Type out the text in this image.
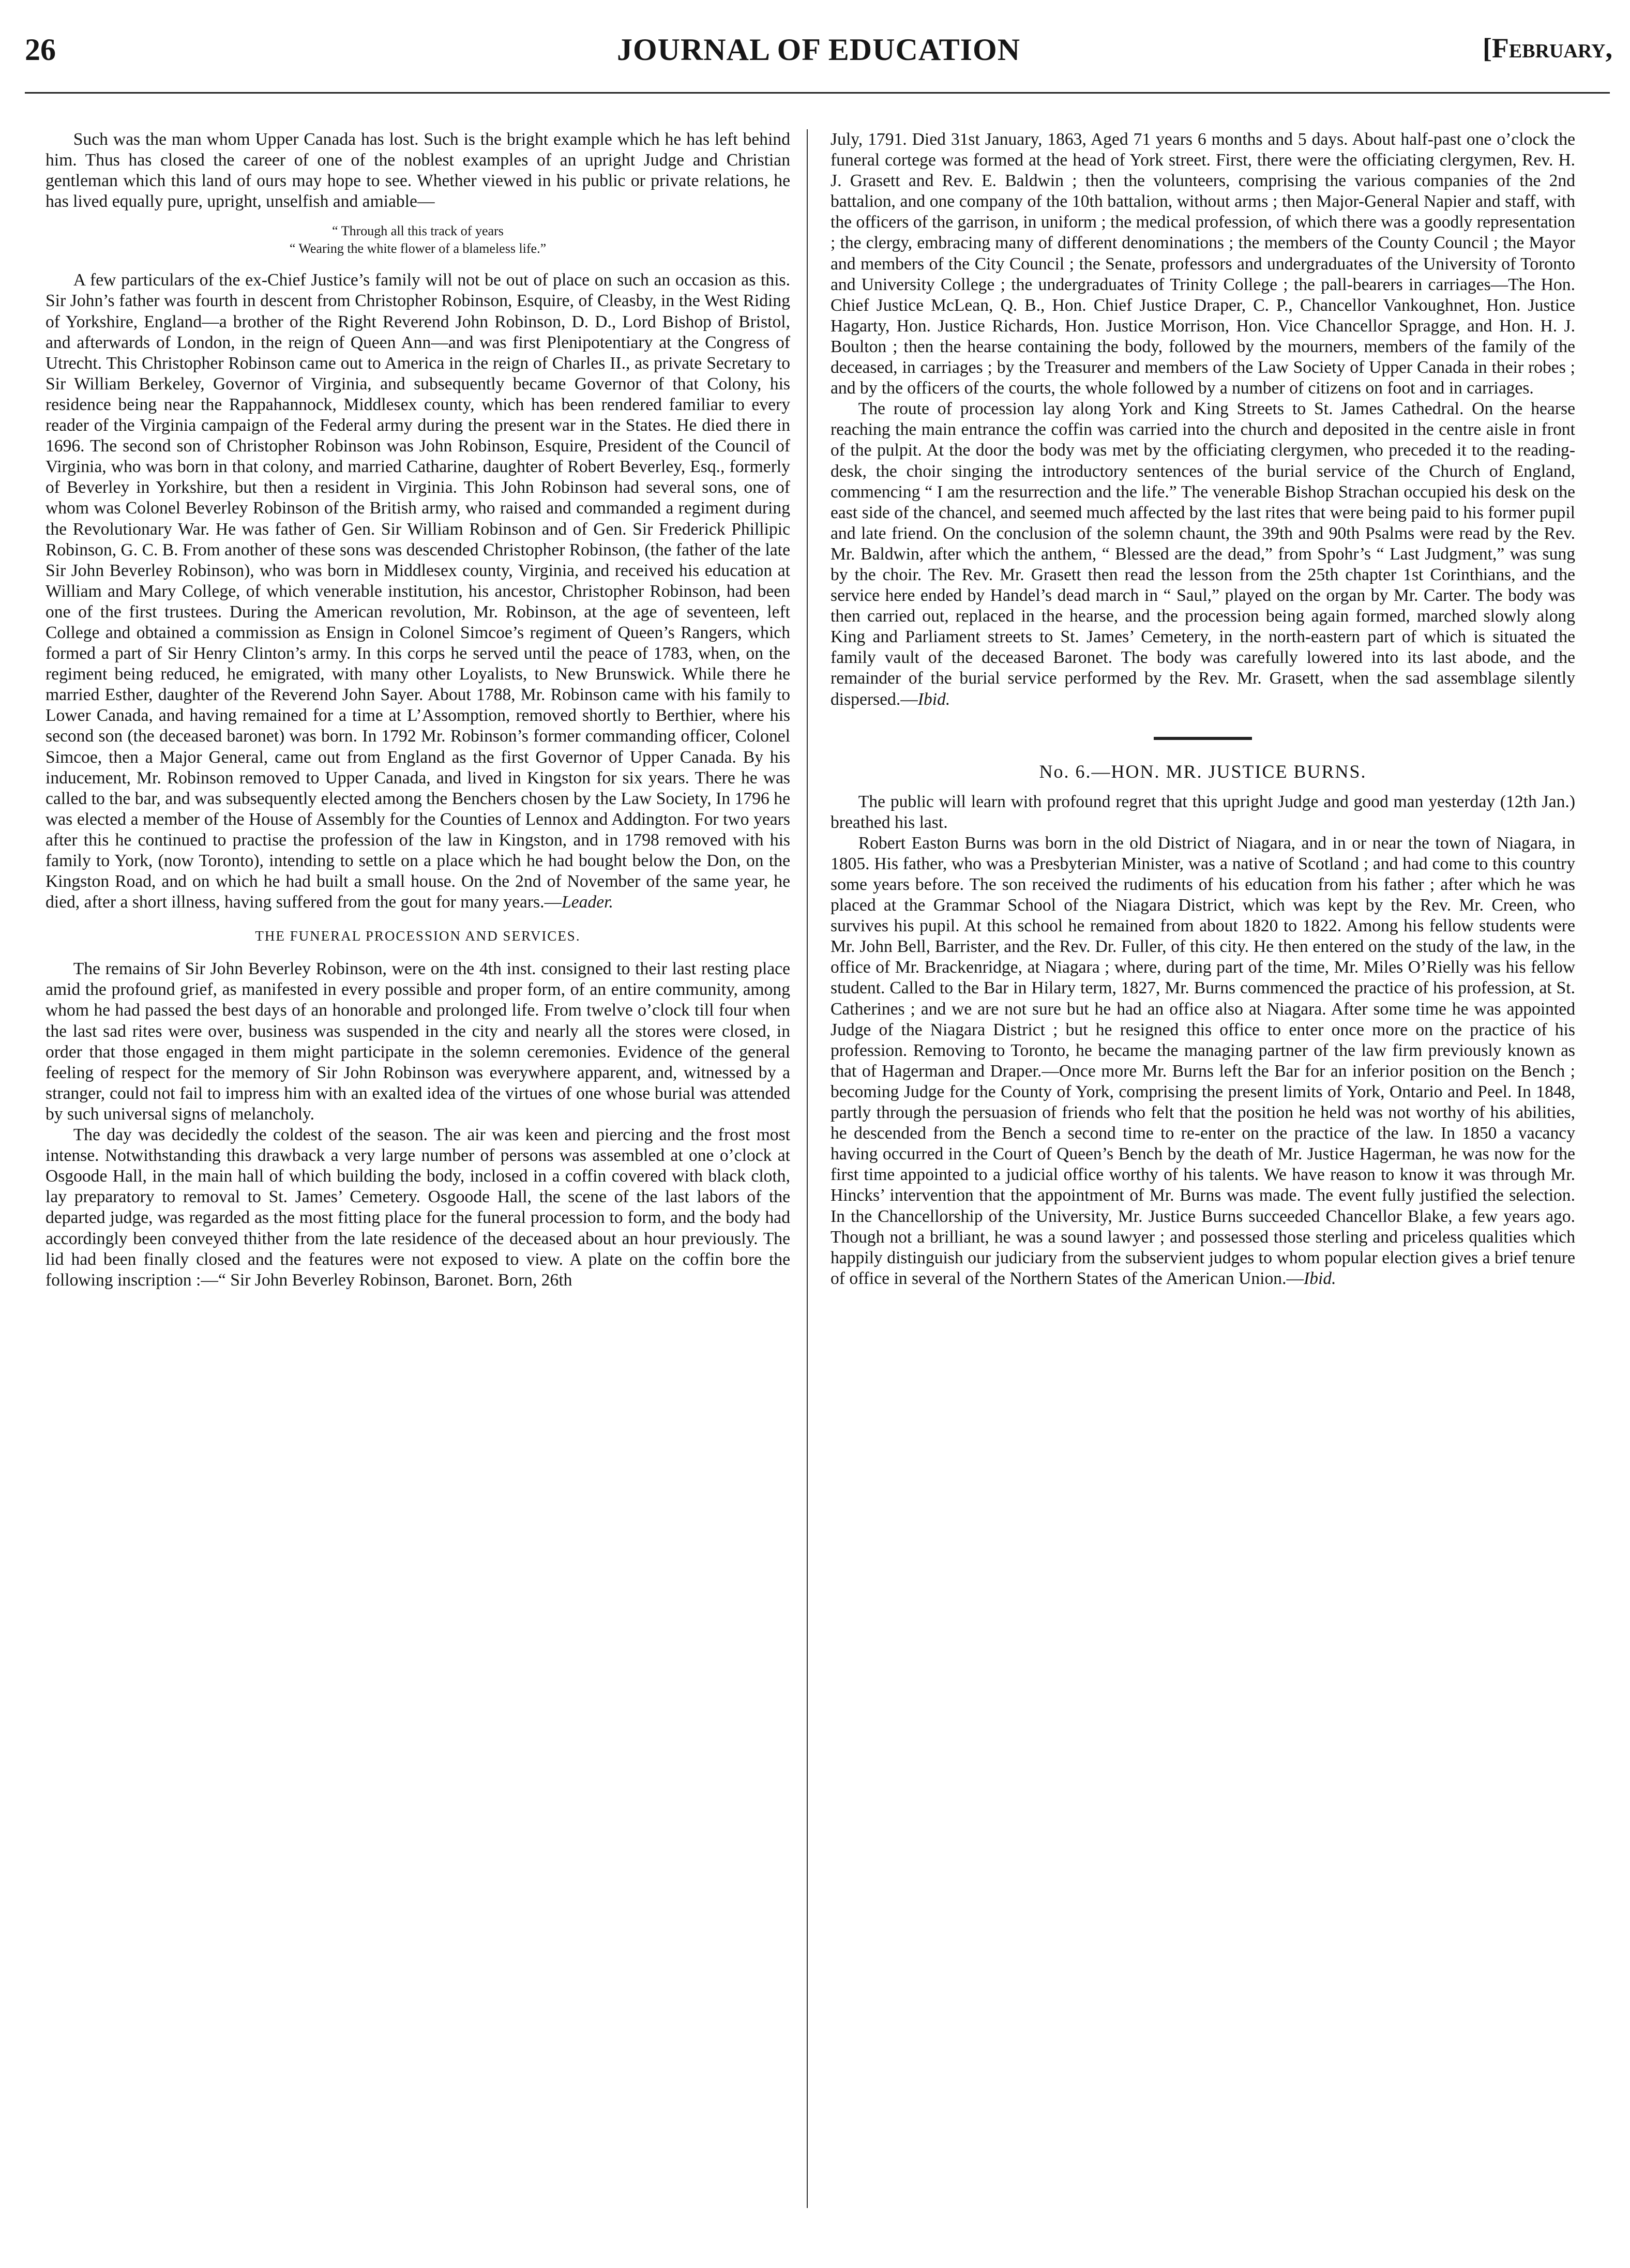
26	JOURNAL OF EDUCATION	[February,

Such was the man whom Upper Canada has lost. Such is the bright example which he has left behind him. Thus has closed the career of one of the noblest examples of an upright Judge and Christian gentleman which this land of ours may hope to see. Whether viewed in his public or private relations, he has lived equally pure, upright, unselfish and amiable—

“ Through all this track of years
“ Wearing the white flower of a blameless life.”

A few particulars of the ex-Chief Justice’s family will not be out of place on such an occasion as this. Sir John’s father was fourth in descent from Christopher Robinson, Esquire, of Cleasby, in the West Riding of Yorkshire, England—a brother of the Right Reverend John Robinson, D. D., Lord Bishop of Bristol, and afterwards of London, in the reign of Queen Ann—and was first Plenipotentiary at the Congress of Utrecht. This Christopher Robinson came out to America in the reign of Charles II., as private Secretary to Sir William Berkeley, Governor of Virginia, and subsequently became Governor of that Colony, his residence being near the Rappahannock, Middlesex county, which has been rendered familiar to every reader of the Virginia campaign of the Federal army during the present war in the States. He died there in 1696. The second son of Christopher Robinson was John Robinson, Esquire, President of the Council of Virginia, who was born in that colony, and married Catharine, daughter of Robert Beverley, Esq., formerly of Beverley in Yorkshire, but then a resident in Virginia. This John Robinson had several sons, one of whom was Colonel Beverley Robinson of the British army, who raised and commanded a regiment during the Revolutionary War. He was father of Gen. Sir William Robinson and of Gen. Sir Frederick Phillipic Robinson, G. C. B. From another of these sons was descended Christopher Robinson, (the father of the late Sir John Beverley Robinson), who was born in Middlesex county, Virginia, and received his education at William and Mary College, of which venerable institution, his ancestor, Christopher Robinson, had been one of the first trustees. During the American revolution, Mr. Robinson, at the age of seventeen, left College and obtained a commission as Ensign in Colonel Simcoe’s regiment of Queen’s Rangers, which formed a part of Sir Henry Clinton’s army. In this corps he served until the peace of 1783, when, on the regiment being reduced, he emigrated, with many other Loyalists, to New Brunswick. While there he married Esther, daughter of the Reverend John Sayer. About 1788, Mr. Robinson came with his family to Lower Canada, and having remained for a time at L’Assomption, removed shortly to Berthier, where his second son (the deceased baronet) was born. In 1792 Mr. Robinson’s former commanding officer, Colonel Simcoe, then a Major General, came out from England as the first Governor of Upper Canada. By his inducement, Mr. Robinson removed to Upper Canada, and lived in Kingston for six years. There he was called to the bar, and was subsequently elected among the Benchers chosen by the Law Society, In 1796 he was elected a member of the House of Assembly for the Counties of Lennox and Addington. For two years after this he continued to practise the profession of the law in Kingston, and in 1798 removed with his family to York, (now Toronto), intending to settle on a place which he had bought below the Don, on the Kingston Road, and on which he had built a small house. On the 2nd of November of the same year, he died, after a short illness, having suffered from the gout for many years.—Leader.

THE FUNERAL PROCESSION AND SERVICES.

The remains of Sir John Beverley Robinson, were on the 4th inst. consigned to their last resting place amid the profound grief, as manifested in every possible and proper form, of an entire community, among whom he had passed the best days of an honorable and prolonged life. From twelve o’clock till four when the last sad rites were over, business was suspended in the city and nearly all the stores were closed, in order that those engaged in them might participate in the solemn ceremonies. Evidence of the general feeling of respect for the memory of Sir John Robinson was everywhere apparent, and, witnessed by a stranger, could not fail to impress him with an exalted idea of the virtues of one whose burial was attended by such universal signs of melancholy.

The day was decidedly the coldest of the season. The air was keen and piercing and the frost most intense. Notwithstanding this drawback a very large number of persons was assembled at one o’clock at Osgoode Hall, in the main hall of which building the body, inclosed in a coffin covered with black cloth, lay preparatory to removal to St. James’ Cemetery. Osgoode Hall, the scene of the last labors of the departed judge, was regarded as the most fitting place for the funeral procession to form, and the body had accordingly been conveyed thither from the late residence of the deceased about an hour previously. The lid had been finally closed and the features were not exposed to view. A plate on the coffin bore the following inscription :—“ Sir John Beverley Robinson, Baronet. Born, 26th

July, 1791. Died 31st January, 1863, Aged 71 years 6 months and 5 days. About half-past one o’clock the funeral cortege was formed at the head of York street. First, there were the officiating clergymen, Rev. H. J. Grasett and Rev. E. Baldwin ; then the volunteers, comprising the various companies of the 2nd battalion, and one company of the 10th battalion, without arms ; then Major-General Napier and staff, with the officers of the garrison, in uniform ; the medical profession, of which there was a goodly representation ; the clergy, embracing many of different denominations ; the members of the County Council ; the Mayor and members of the City Council ; the Senate, professors and undergraduates of the University of Toronto and University College ; the undergraduates of Trinity College ; the pall-bearers in carriages—The Hon. Chief Justice McLean, Q. B., Hon. Chief Justice Draper, C. P., Chancellor Vankoughnet, Hon. Justice Hagarty, Hon. Justice Richards, Hon. Justice Morrison, Hon. Vice Chancellor Spragge, and Hon. H. J. Boulton ; then the hearse containing the body, followed by the mourners, members of the family of the deceased, in carriages ; by the Treasurer and members of the Law Society of Upper Canada in their robes ; and by the officers of the courts, the whole followed by a number of citizens on foot and in carriages.

The route of procession lay along York and King Streets to St. James Cathedral. On the hearse reaching the main entrance the coffin was carried into the church and deposited in the centre aisle in front of the pulpit. At the door the body was met by the officiating clergymen, who preceded it to the reading-desk, the choir singing the introductory sentences of the burial service of the Church of England, commencing “ I am the resurrection and the life.” The venerable Bishop Strachan occupied his desk on the east side of the chancel, and seemed much affected by the last rites that were being paid to his former pupil and late friend. On the conclusion of the solemn chaunt, the 39th and 90th Psalms were read by the Rev. Mr. Baldwin, after which the anthem, “ Blessed are the dead,” from Spohr’s “ Last Judgment,” was sung by the choir. The Rev. Mr. Grasett then read the lesson from the 25th chapter 1st Corinthians, and the service here ended by Handel’s dead march in “ Saul,” played on the organ by Mr. Carter. The body was then carried out, replaced in the hearse, and the procession being again formed, marched slowly along King and Parliament streets to St. James’ Cemetery, in the north-eastern part of which is situated the family vault of the deceased Baronet. The body was carefully lowered into its last abode, and the remainder of the burial service performed by the Rev. Mr. Grasett, when the sad assemblage silently dispersed.—Ibid.

No. 6.—HON. MR. JUSTICE BURNS.

The public will learn with profound regret that this upright Judge and good man yesterday (12th Jan.) breathed his last.

Robert Easton Burns was born in the old District of Niagara, and in or near the town of Niagara, in 1805. His father, who was a Presbyterian Minister, was a native of Scotland ; and had come to this country some years before. The son received the rudiments of his education from his father ; after which he was placed at the Grammar School of the Niagara District, which was kept by the Rev. Mr. Creen, who survives his pupil. At this school he remained from about 1820 to 1822. Among his fellow students were Mr. John Bell, Barrister, and the Rev. Dr. Fuller, of this city. He then entered on the study of the law, in the office of Mr. Brackenridge, at Niagara ; where, during part of the time, Mr. Miles O’Rielly was his fellow student. Called to the Bar in Hilary term, 1827, Mr. Burns commenced the practice of his profession, at St. Catherines ; and we are not sure but he had an office also at Niagara. After some time he was appointed Judge of the Niagara District ; but he resigned this office to enter once more on the practice of his profession. Removing to Toronto, he became the managing partner of the law firm previously known as that of Hagerman and Draper.—Once more Mr. Burns left the Bar for an inferior position on the Bench ; becoming Judge for the County of York, comprising the present limits of York, Ontario and Peel. In 1848, partly through the persuasion of friends who felt that the position he held was not worthy of his abilities, he descended from the Bench a second time to re-enter on the practice of the law. In 1850 a vacancy having occurred in the Court of Queen’s Bench by the death of Mr. Justice Hagerman, he was now for the first time appointed to a judicial office worthy of his talents. We have reason to know it was through Mr. Hincks’ intervention that the appointment of Mr. Burns was made. The event fully justified the selection. In the Chancellorship of the University, Mr. Justice Burns succeeded Chancellor Blake, a few years ago. Though not a brilliant, he was a sound lawyer ; and possessed those sterling and priceless qualities which happily distinguish our judiciary from the subservient judges to whom popular election gives a brief tenure of office in several of the Northern States of the American Union.—Ibid.
